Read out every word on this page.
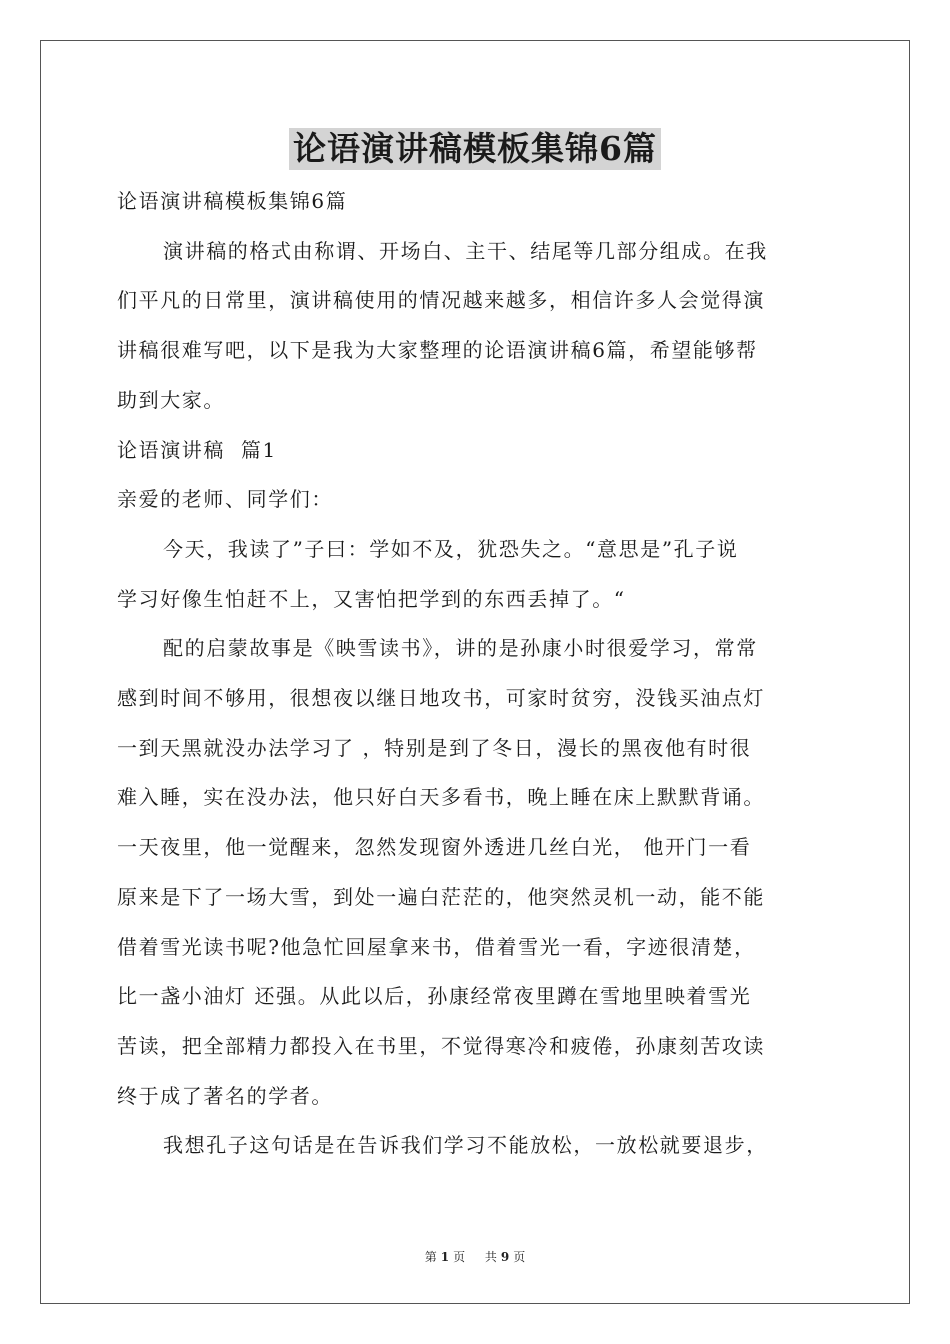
论语演讲稿模板集锦6篇
论语演讲稿模板集锦6篇
演讲稿的格式由称谓、开场白、主干、结尾等几部分组成。在我
们平凡的日常里，演讲稿使用的情况越来越多，相信许多人会觉得演
讲稿很难写吧，以下是我为大家整理的论语演讲稿6篇，希望能够帮
助到大家。
论语演讲稿  篇1
亲爱的老师、同学们：
今天，我读了”子曰：学如不及，犹恐失之。“意思是”孔子说
学习好像生怕赶不上，又害怕把学到的东西丢掉了。“
配的启蒙故事是《映雪读书》，讲的是孙康小时很爱学习，常常
感到时间不够用，很想夜以继日地攻书，可家时贫穷，没钱买油点灯
一到天黑就没办法学习了 ，特别是到了冬日，漫长的黑夜他有时很
难入睡，实在没办法，他只好白天多看书，晚上睡在床上默默背诵。
一天夜里，他一觉醒来，忽然发现窗外透进几丝白光， 他开门一看
原来是下了一场大雪，到处一遍白茫茫的，他突然灵机一动，能不能
借着雪光读书呢?他急忙回屋拿来书，借着雪光一看，字迹很清楚，
比一盏小油灯 还强。从此以后，孙康经常夜里蹲在雪地里映着雪光
苦读，把全部精力都投入在书里，不觉得寒冷和疲倦，孙康刻苦攻读
终于成了著名的学者。
我想孔子这句话是在告诉我们学习不能放松，一放松就要退步，
第 1 页 共 9 页
